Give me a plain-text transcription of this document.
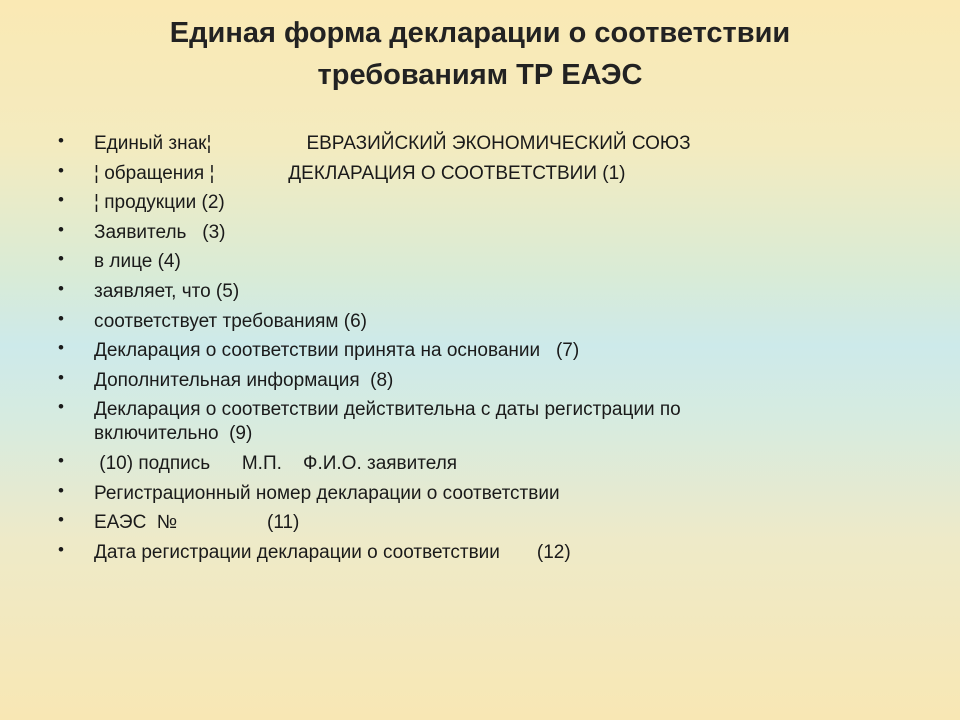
Единая форма декларации о соответствии
требованиям ТР ЕАЭС
• Единый знак¦                  ЕВРАЗИЙСКИЙ ЭКОНОМИЧЕСКИЙ СОЮЗ
• ¦ обращения ¦              ДЕКЛАРАЦИЯ О СООТВЕТСТВИИ (1)
• ¦ продукции (2)
• Заявитель   (3)
• в лице (4)
• заявляет, что (5)
• соответствует требованиям (6)
• Декларация о соответствии принята на основании   (7)
• Дополнительная информация  (8)
• Декларация о соответствии действительна с даты регистрации по
включительно  (9)
• (10) подпись      М.П.    Ф.И.О. заявителя
• Регистрационный номер декларации о соответствии
• ЕАЭС  №                 (11)
• Дата регистрации декларации о соответствии       (12)
